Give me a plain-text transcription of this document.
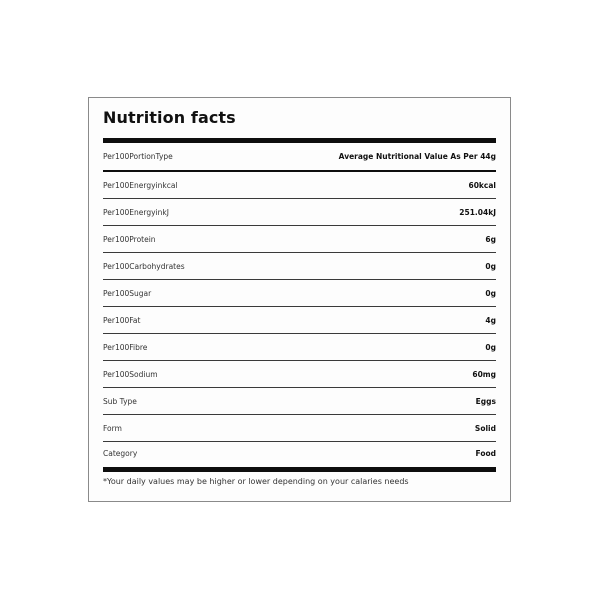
Nutrition facts
Per100PortionType	Average Nutritional Value As Per 44g
Per100Energyinkcal	60kcal
Per100EnergyinkJ	251.04kJ
Per100Protein	6g
Per100Carbohydrates	0g
Per100Sugar	0g
Per100Fat	4g
Per100Fibre	0g
Per100Sodium	60mg
Sub Type	Eggs
Form	Solid
Category	Food
*Your daily values may be higher or lower depending on your calaries needs
